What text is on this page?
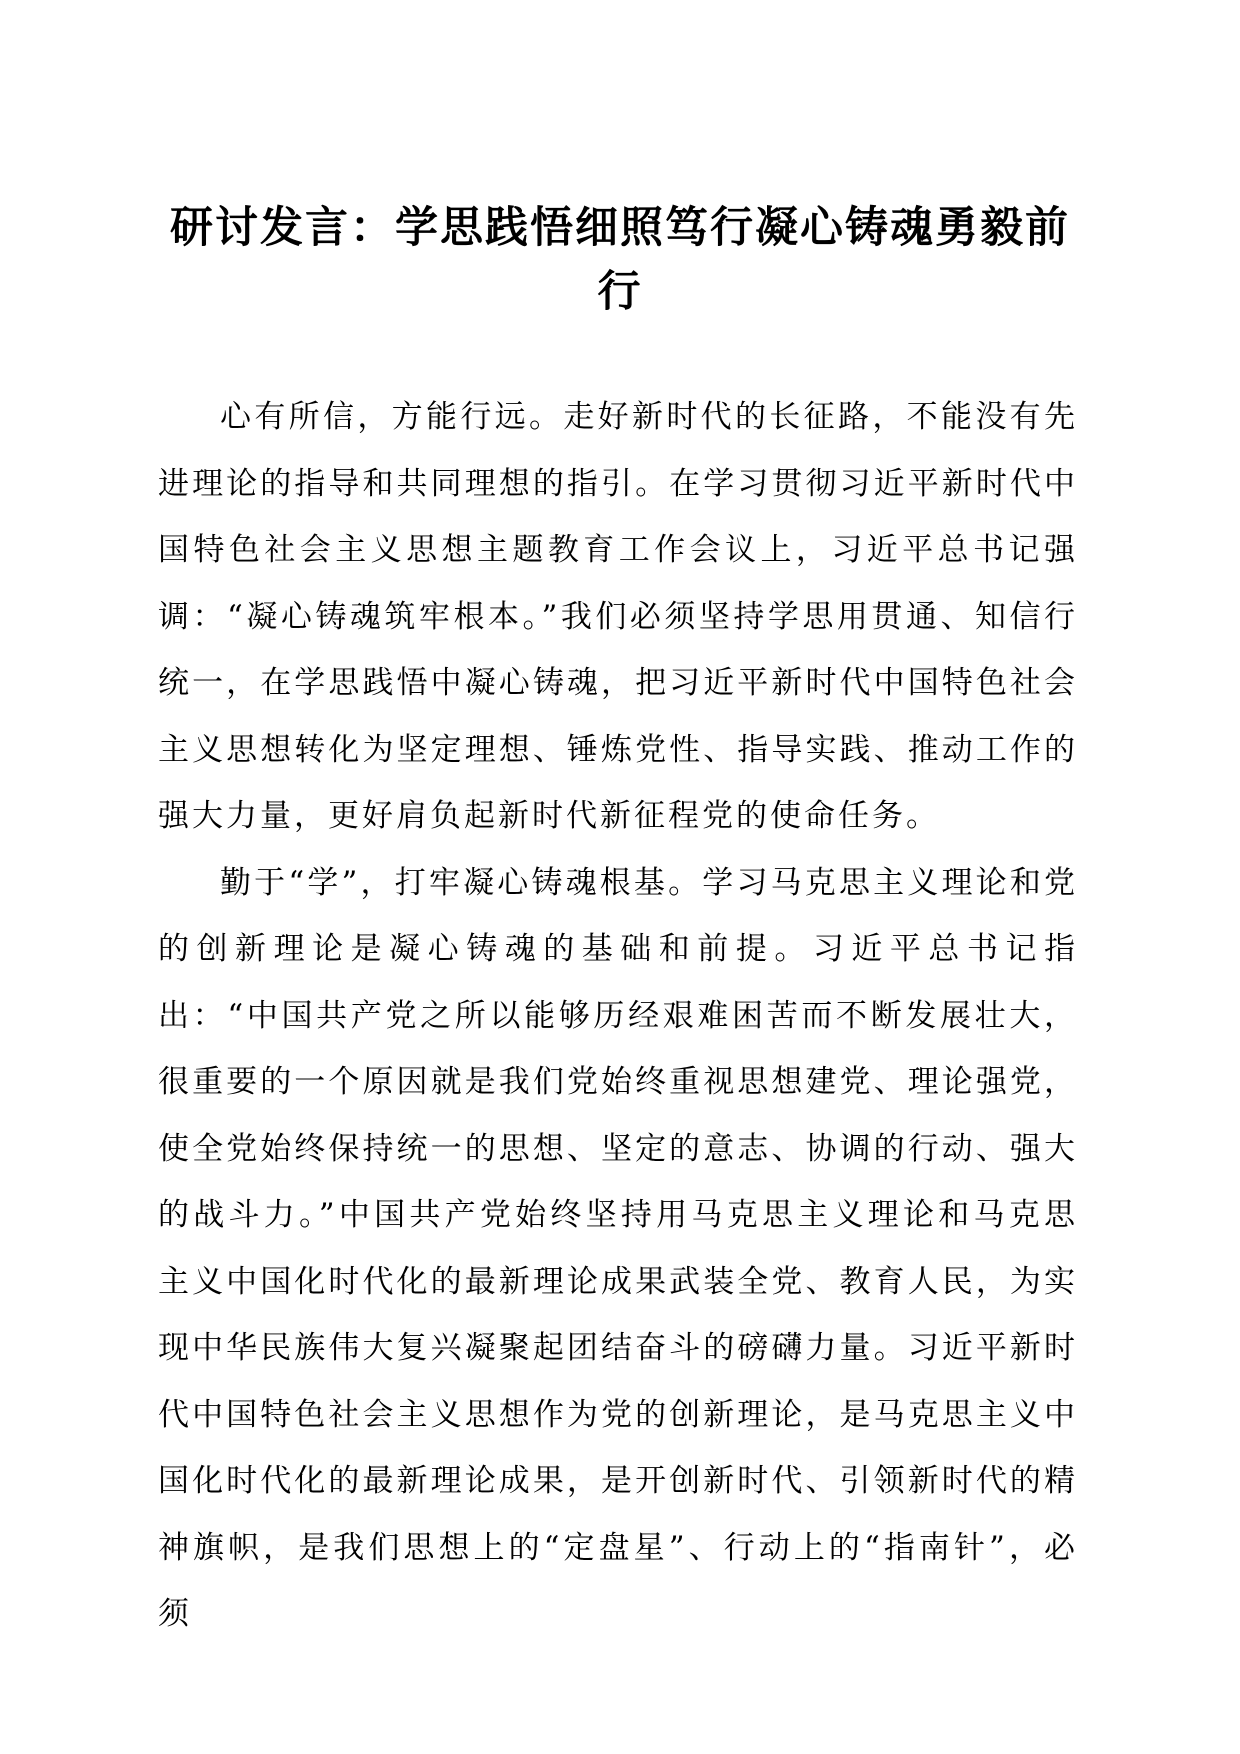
研讨发言：学思践悟细照笃行凝心铸魂勇毅前
行

心有所信，方能行远。走好新时代的长征路，不能没有先进理论的指导和共同理想的指引。在学习贯彻习近平新时代中国特色社会主义思想主题教育工作会议上，习近平总书记强调：“凝心铸魂筑牢根本。”我们必须坚持学思用贯通、知信行统一，在学思践悟中凝心铸魂，把习近平新时代中国特色社会主义思想转化为坚定理想、锤炼党性、指导实践、推动工作的强大力量，更好肩负起新时代新征程党的使命任务。

勤于“学”，打牢凝心铸魂根基。学习马克思主义理论和党的创新理论是凝心铸魂的基础和前提。习近平总书记指出：“中国共产党之所以能够历经艰难困苦而不断发展壮大，很重要的一个原因就是我们党始终重视思想建党、理论强党，使全党始终保持统一的思想、坚定的意志、协调的行动、强大的战斗力。”中国共产党始终坚持用马克思主义理论和马克思主义中国化时代化的最新理论成果武装全党、教育人民，为实现中华民族伟大复兴凝聚起团结奋斗的磅礴力量。习近平新时代中国特色社会主义思想作为党的创新理论，是马克思主义中国化时代化的最新理论成果，是开创新时代、引领新时代的精神旗帜，是我们思想上的“定盘星”、行动上的“指南针”，必须
